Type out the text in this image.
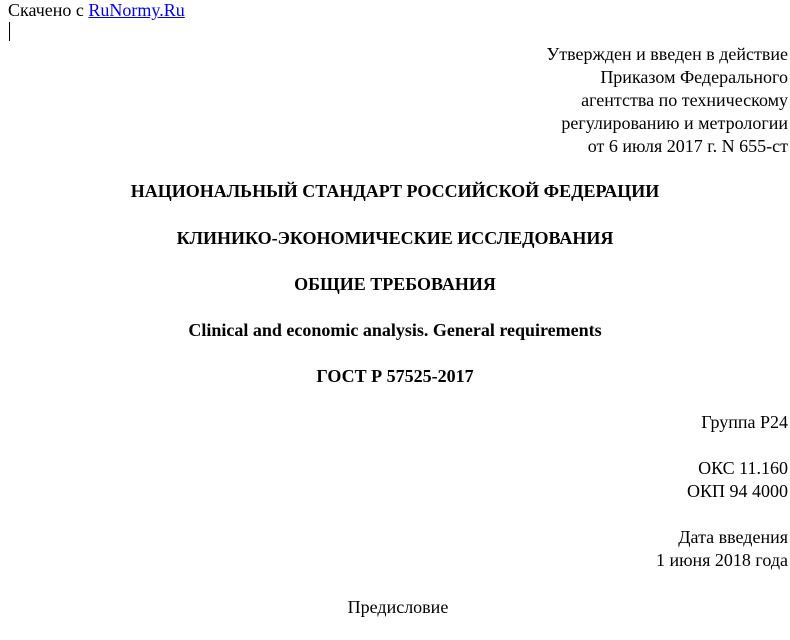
Скачено с RuNormy.Ru
Утвержден и введен в действие
Приказом Федерального
агентства по техническому
регулированию и метрологии
от 6 июля 2017 г. N 655-ст
НАЦИОНАЛЬНЫЙ СТАНДАРТ РОССИЙСКОЙ ФЕДЕРАЦИИ
КЛИНИКО-ЭКОНОМИЧЕСКИЕ ИССЛЕДОВАНИЯ
ОБЩИЕ ТРЕБОВАНИЯ
Clinical and economic analysis. General requirements
ГОСТ Р 57525-2017
Группа Р24
ОКС 11.160
ОКП 94 4000
Дата введения
1 июня 2018 года
Предисловие
